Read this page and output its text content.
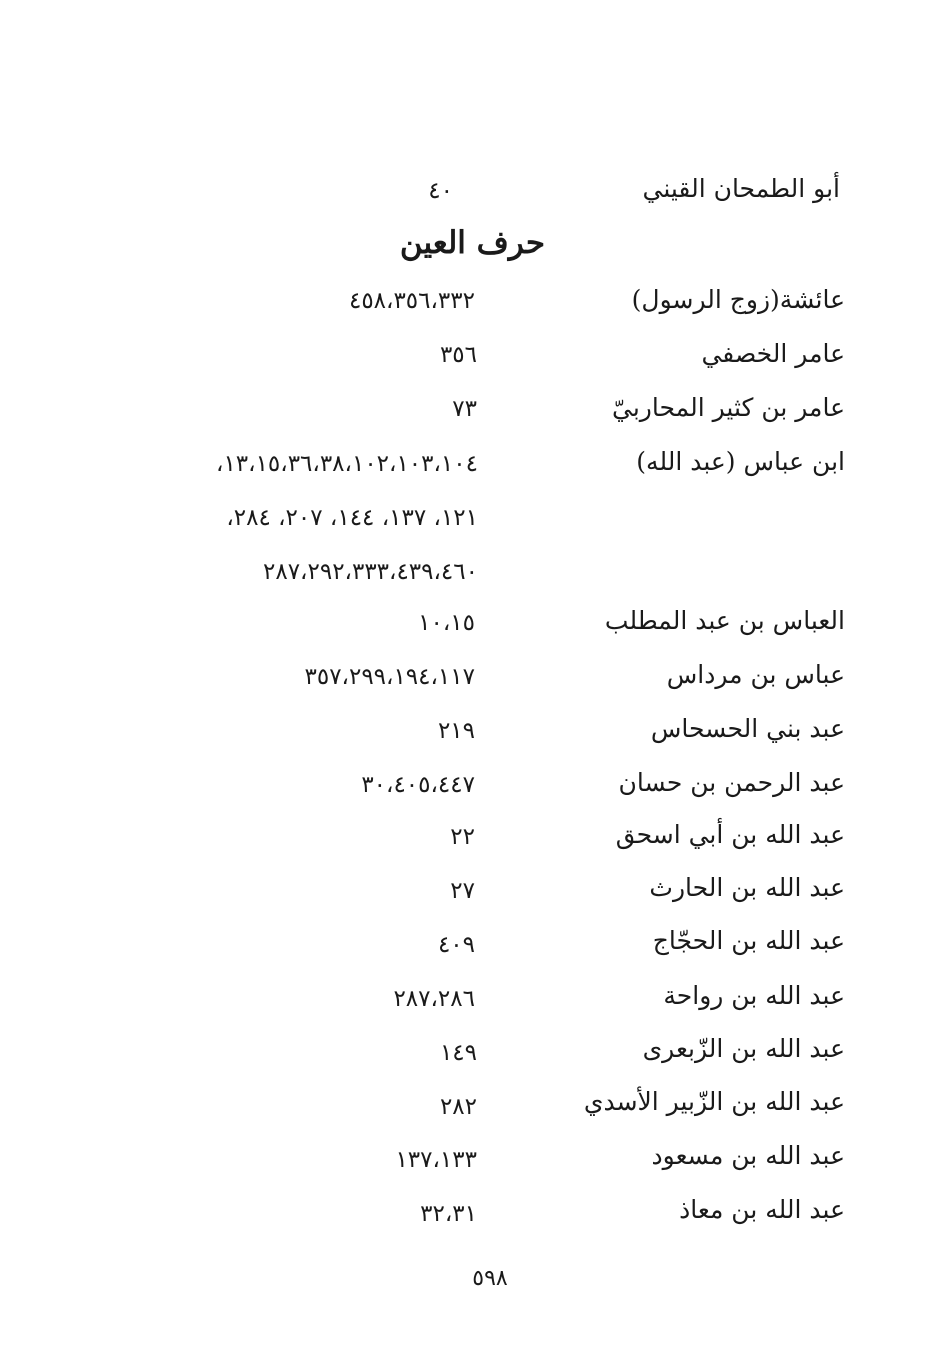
أبو الطمحان القيني
٤٠
حرف العين
عائشة(زوج الرسول)
٤٥٨،٣٥٦،٣٣٢
عامر الخصفي
٣٥٦
عامر بن كثير المحاربيّ
٧٣
ابن عباس (عبد الله)
١٣،١٥،٣٦،٣٨،١٠٢،١٠٣،١٠٤،
١٢١، ١٣٧، ١٤٤، ٢٠٧، ٢٨٤،
٢٨٧،٢٩٢،٣٣٣،٤٣٩،٤٦٠
العباس بن عبد المطلب
١٠،١٥
عباس بن مرداس
٣٥٧،٢٩٩،١٩٤،١١٧
عبد بني الحسحاس
٢١٩
عبد الرحمن بن حسان
٣٠،٤٠٥،٤٤٧
عبد الله بن أبي اسحق
٢٢
عبد الله بن الحارث
٢٧
عبد الله بن الحجّاج
٤٠٩
عبد الله بن رواحة
٢٨٧،٢٨٦
عبد الله بن الزّبعرى
١٤٩
عبد الله بن الزّبير الأسدي
٢٨٢
عبد الله بن مسعود
١٣٧،١٣٣
عبد الله بن معاذ
٣٢،٣١
٥٩٨
